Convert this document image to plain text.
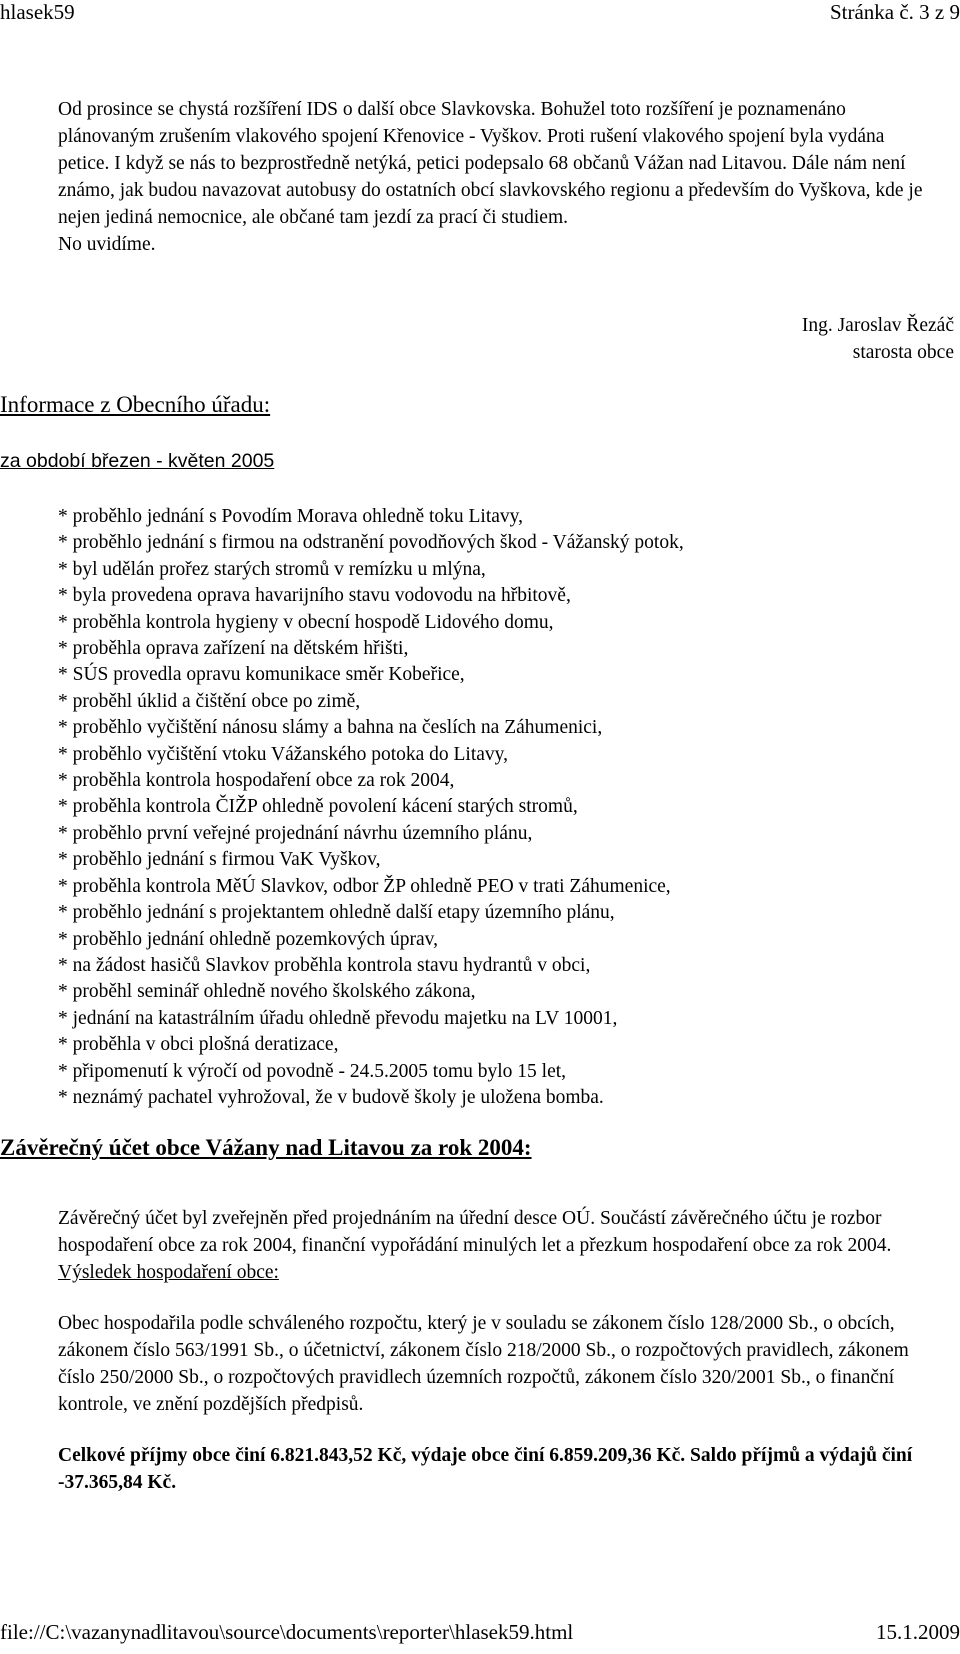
hlasek59	Stránka č. 3 z 9

Od prosince se chystá rozšíření IDS o další obce Slavkovska. Bohužel toto rozšíření je poznamenáno plánovaným zrušením vlakového spojení Křenovice - Vyškov. Proti rušení vlakového spojení byla vydána petice. I když se nás to bezprostředně netýká, petici podepsalo 68 občanů Vážan nad Litavou. Dále nám není známo, jak budou navazovat autobusy do ostatních obcí slavkovského regionu a především do Vyškova, kde je nejen jediná nemocnice, ale občané tam jezdí za prací či studiem.

No uvidíme.

Ing. Jaroslav Řezáč
starosta obce
Informace z Obecního úřadu:
za období březen - květen 2005
* proběhlo jednání s Povodím Morava ohledně toku Litavy,
* proběhlo jednání s firmou na odstranění povodňových škod - Vážanský potok,
* byl udělán prořez starých stromů v remízku u mlýna,
* byla provedena oprava havarijního stavu vodovodu na hřbitově,
* proběhla kontrola hygieny v obecní hospodě Lidového domu,
* proběhla oprava zařízení na dětském hřišti,
* SÚS provedla opravu komunikace směr Kobeřice,
* proběhl úklid a čištění obce po zimě,
* proběhlo vyčištění nánosu slámy a bahna na česlích na Záhumenici,
* proběhlo vyčištění vtoku Vážanského potoka do Litavy,
* proběhla kontrola hospodaření obce za rok 2004,
* proběhla kontrola ČIŽP ohledně povolení kácení starých stromů,
* proběhlo první veřejné projednání návrhu územního plánu,
* proběhlo jednání s firmou VaK Vyškov,
* proběhla kontrola MěÚ Slavkov, odbor ŽP ohledně PEO v trati Záhumenice,
* proběhlo jednání s projektantem ohledně další etapy územního plánu,
* proběhlo jednání ohledně pozemkových úprav,
* na žádost hasičů Slavkov proběhla kontrola stavu hydrantů v obci,
* proběhl seminář ohledně nového školského zákona,
* jednání na katastrálním úřadu ohledně převodu majetku na LV 10001,
* proběhla v obci plošná deratizace,
* připomenutí k výročí od povodně - 24.5.2005 tomu bylo 15 let,
* neznámý pachatel vyhrožoval, že v budově školy je uložena bomba.
Závěrečný účet obce Vážany nad Litavou za rok 2004:

Závěrečný účet byl zveřejněn před projednáním na úřední desce OÚ. Součástí závěrečného účtu je rozbor hospodaření obce za rok 2004, finanční vypořádání minulých let a přezkum hospodaření obce za rok 2004.

Výsledek hospodaření obce:

Obec hospodařila podle schváleného rozpočtu, který je v souladu se zákonem číslo 128/2000 Sb., o obcích, zákonem číslo 563/1991 Sb., o účetnictví, zákonem číslo 218/2000 Sb., o rozpočtových pravidlech, zákonem číslo 250/2000 Sb., o rozpočtových pravidlech územních rozpočtů, zákonem číslo 320/2001 Sb., o finanční kontrole, ve znění pozdějších předpisů.

Celkové příjmy obce činí 6.821.843,52 Kč, výdaje obce činí 6.859.209,36 Kč. Saldo příjmů a výdajů činí -37.365,84 Kč.

file://C:\vazanynadlitavou\source\documents\reporter\hlasek59.html	15.1.2009
